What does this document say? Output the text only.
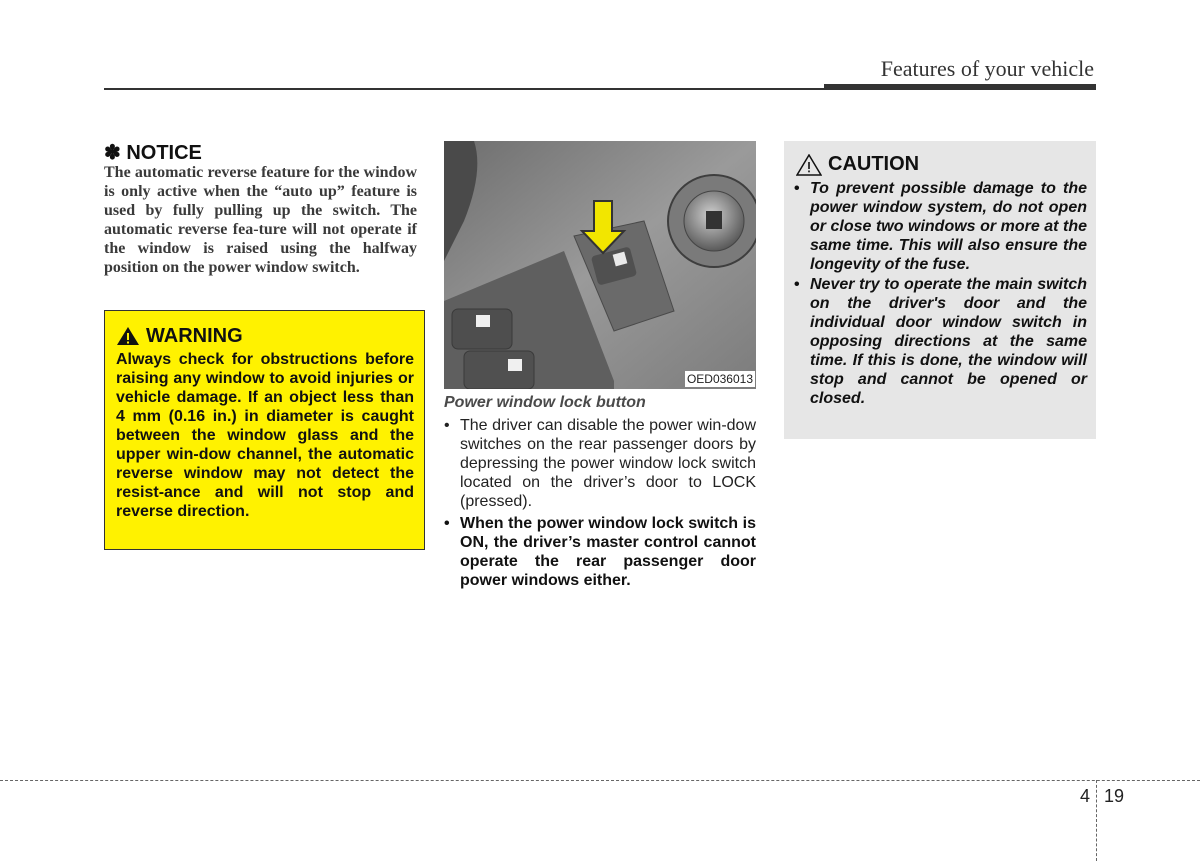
Features of your vehicle
✽ NOTICE
The automatic reverse feature for the window is only active when the “auto up” feature is used by fully pulling up the switch. The automatic reverse fea-ture will not operate if the window is raised using the halfway position on the power window switch.
WARNING
Always check for obstructions before raising any window to avoid injuries or vehicle damage. If an object less than 4 mm (0.16 in.) in diameter is caught between the window glass and the upper win-dow channel, the automatic reverse window may not detect the resist-ance and will not stop and reverse direction.
OED036013
Power window lock button
• The driver can disable the power win-dow switches on the rear passenger doors by depressing the power window lock switch located on the driver’s door to LOCK (pressed).
• When the power window lock switch is ON, the driver’s master control cannot operate the rear passenger door power windows either.
CAUTION
• To prevent possible damage to the power window system, do not open or close two windows or more at the same time. This will also ensure the longevity of the fuse.
• Never try to operate the main switch on the driver's door and the individual door window switch in opposing directions at the same time. If this is done, the window will stop and cannot be opened or closed.
4 19
